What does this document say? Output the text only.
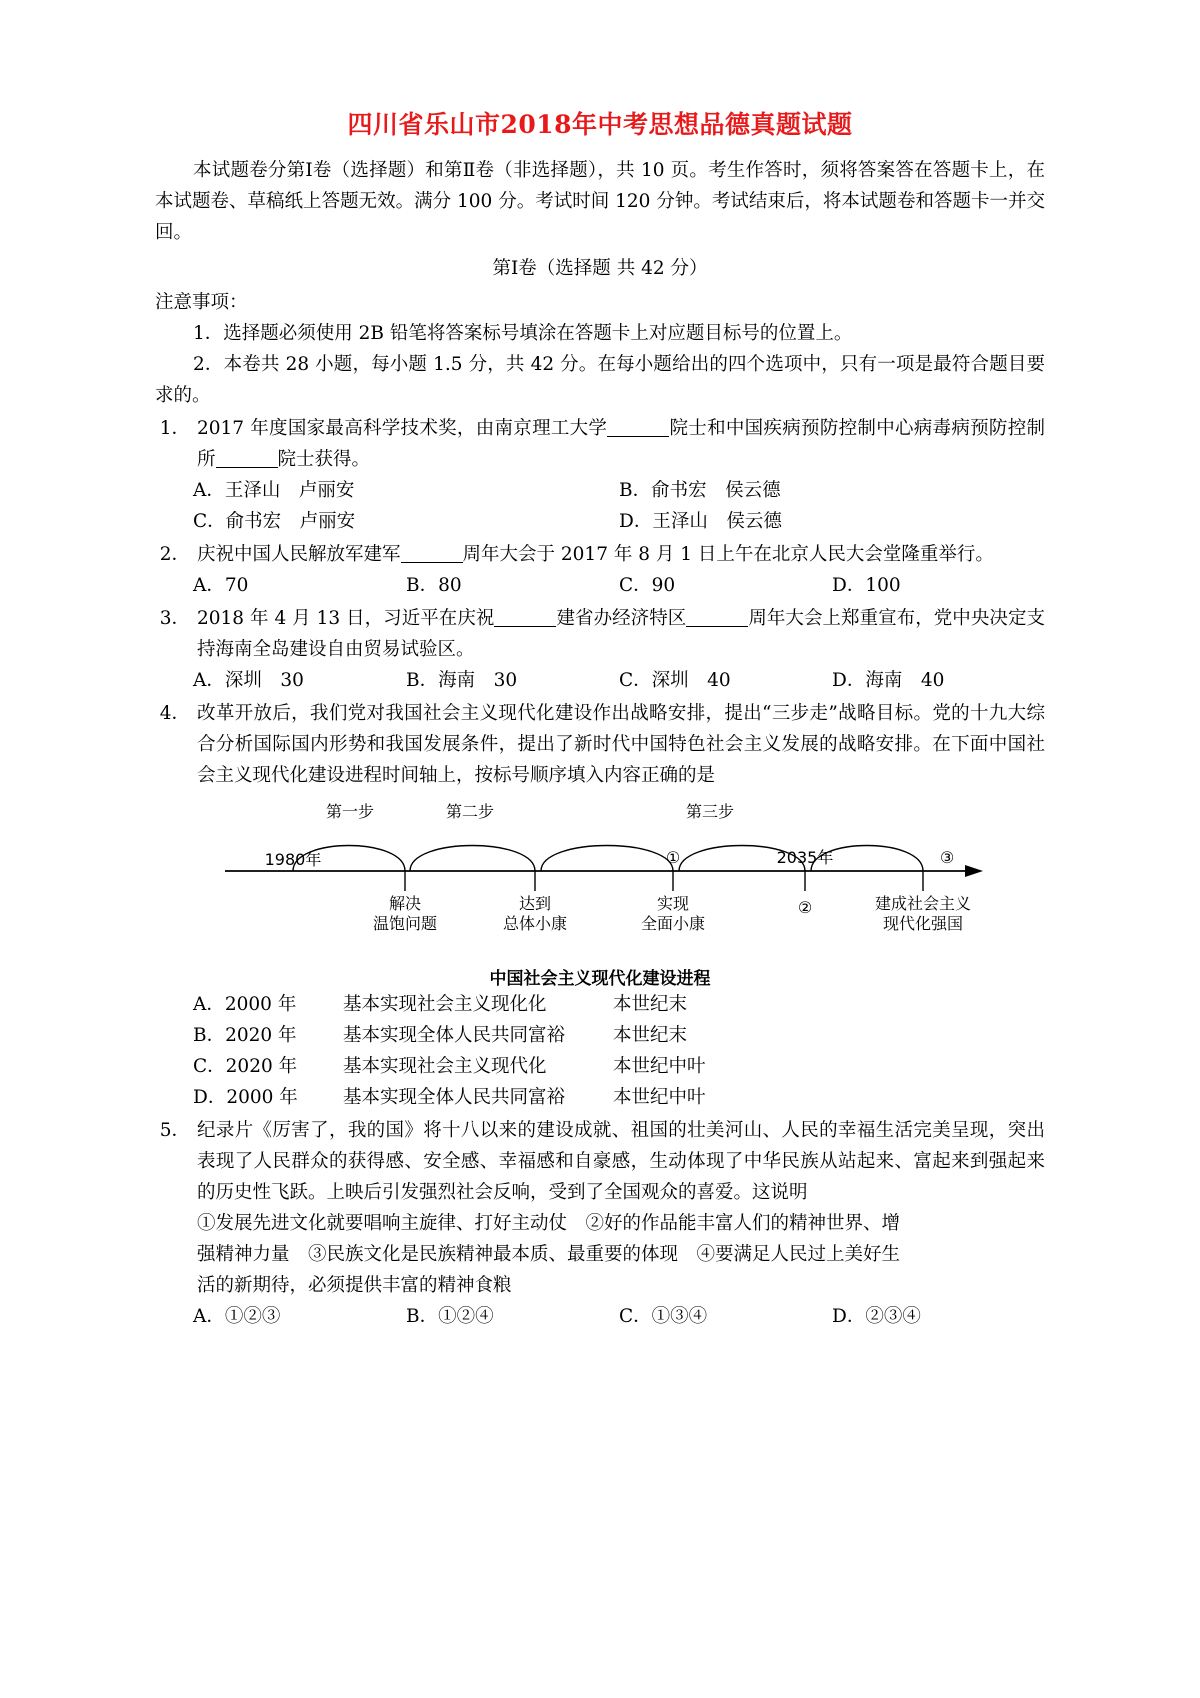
四川省乐山市2018年中考思想品德真题试题

本试题卷分第Ⅰ卷（选择题）和第Ⅱ卷（非选择题），共 10 页。考生作答时，须将答案答在答题卡上，在本试题卷、草稿纸上答题无效。满分 100 分。考试时间 120 分钟。考试结束后，将本试题卷和答题卡一并交回。

第Ⅰ卷（选择题 共 42 分）

注意事项：

1．选择题必须使用 2B 铅笔将答案标号填涂在答题卡上对应题目标号的位置上。

2．本卷共 28 小题，每小题 1.5 分，共 42 分。在每小题给出的四个选项中，只有一项是最符合题目要求的。

1． 2017 年度国家最高科学技术奖，由南京理工大学	院士和中国疾病预防控制中心病毒病预防控制所	院士获得。
A．王泽山　卢丽安	B．俞书宏　侯云德
C．俞书宏　卢丽安	D．王泽山　侯云德
2． 庆祝中国人民解放军建军	周年大会于 2017 年 8 月 1 日上午在北京人民大会堂隆重举行。
A．70	B．80	C．90	D．100
3． 2018 年 4 月 13 日，习近平在庆祝	建省办经济特区	周年大会上郑重宣布，党中央决定支持海南全岛建设自由贸易试验区。
A．深圳　30	B．海南　30	C．深圳　40	D．海南　40
4． 改革开放后，我们党对我国社会主义现代化建设作出战略安排，提出“三步走”战略目标。党的十九大综合分析国际国内形势和我国发展条件，提出了新时代中国特色社会主义发展的战略安排。在下面中国社会主义现代化建设进程时间轴上，按标号顺序填入内容正确的是
第一步	第二步	第三步
1980年	①	2035年	③
解决
温饱问题
达到
总体小康
实现
全面小康
②	建成社会主义
现代化强国
中国社会主义现代化建设进程
A．2000 年	基本实现社会主义现化化	本世纪末
B．2020 年	基本实现全体人民共同富裕	本世纪末
C．2020 年	基本实现社会主义现代化	本世纪中叶
D．2000 年	基本实现全体人民共同富裕	本世纪中叶
5． 纪录片《厉害了，我的国》将十八以来的建设成就、祖国的壮美河山、人民的幸福生活完美呈现，突出表现了人民群众的获得感、安全感、幸福感和自豪感，生动体现了中华民族从站起来、富起来到强起来的历史性飞跃。上映后引发强烈社会反响，受到了全国观众的喜爱。这说明
①发展先进文化就要唱响主旋律、打好主动仗　②好的作品能丰富人们的精神世界、增
强精神力量　③民族文化是民族精神最本质、最重要的体现　④要满足人民过上美好生
活的新期待，必须提供丰富的精神食粮
A．①②③	B．①②④	C．①③④	D．②③④
